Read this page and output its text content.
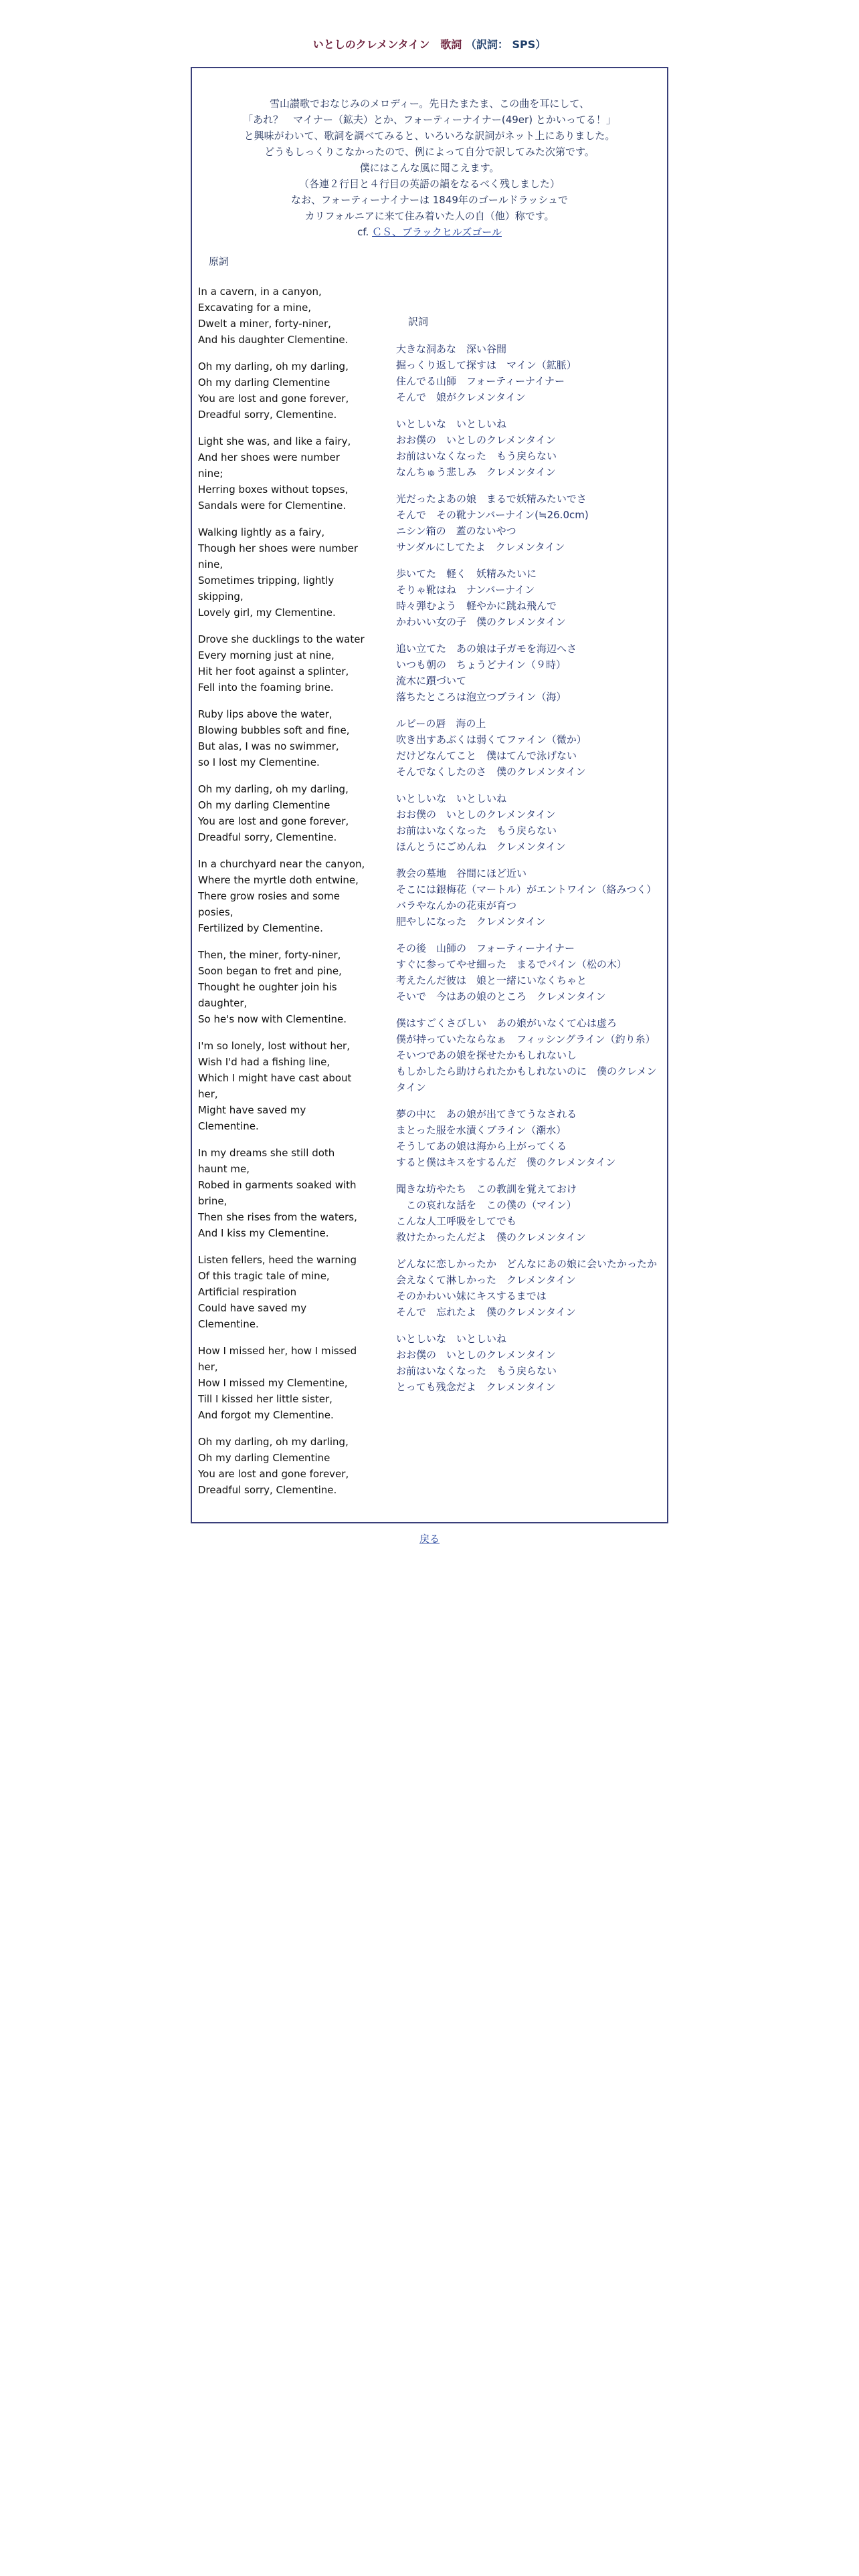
いとしのクレメンタイン　歌詞 （訳詞： SPS）
雪山讃歌でおなじみのメロディー。先日たまたま、この曲を耳にして、
「あれ？　マイナー（鉱夫）とか、フォーティーナイナー(49er) とかいってる！」
と興味がわいて、歌詞を調べてみると、いろいろな訳詞がネット上にありました。
どうもしっくりこなかったので、例によって自分で訳してみた次第です。
僕にはこんな風に聞こえます。
（各連２行目と４行目の英語の韻をなるべく残しました）
なお、フォーティーナイナーは 1849年のゴールドラッシュで
カリフォルニアに来て住み着いた人の自（他）称です。
cf. ＣＳ、ブラックヒルズゴール
原詞
In a cavern, in a canyon,
Excavating for a mine,
Dwelt a miner, forty-niner,
And his daughter Clementine.
Oh my darling, oh my darling,
Oh my darling Clementine
You are lost and gone forever,
Dreadful sorry, Clementine.
Light she was, and like a fairy,
And her shoes were number
nine;
Herring boxes without topses,
Sandals were for Clementine.
Walking lightly as a fairy,
Though her shoes were number
nine,
Sometimes tripping, lightly
skipping,
Lovely girl, my Clementine.
Drove she ducklings to the water
Every morning just at nine,
Hit her foot against a splinter,
Fell into the foaming brine.
Ruby lips above the water,
Blowing bubbles soft and fine,
But alas, I was no swimmer,
so I lost my Clementine.
Oh my darling, oh my darling,
Oh my darling Clementine
You are lost and gone forever,
Dreadful sorry, Clementine.
In a churchyard near the canyon,
Where the myrtle doth entwine,
There grow rosies and some
posies,
Fertilized by Clementine.
Then, the miner, forty-niner,
Soon began to fret and pine,
Thought he oughter join his
daughter,
So he's now with Clementine.
I'm so lonely, lost without her,
Wish I'd had a fishing line,
Which I might have cast about
her,
Might have saved my
Clementine.
In my dreams she still doth
haunt me,
Robed in garments soaked with
brine,
Then she rises from the waters,
And I kiss my Clementine.
Listen fellers, heed the warning
Of this tragic tale of mine,
Artificial respiration
Could have saved my
Clementine.
How I missed her, how I missed
her,
How I missed my Clementine,
Till I kissed her little sister,
And forgot my Clementine.
Oh my darling, oh my darling,
Oh my darling Clementine
You are lost and gone forever,
Dreadful sorry, Clementine.
訳詞
大きな洞あな　深い谷間
掘っくり返して探すは　マイン（鉱脈）
住んでる山師　フォーティーナイナー
そんで　娘がクレメンタイン
いとしいな　いとしいね
おお僕の　いとしのクレメンタイン
お前はいなくなった　もう戻らない
なんちゅう悲しみ　クレメンタイン
光だったよあの娘　まるで妖精みたいでさ
そんで　その靴ナンバーナイン(≒26.0cm)
ニシン箱の　蓋のないやつ
サンダルにしてたよ　クレメンタイン
歩いてた　軽く　妖精みたいに
そりゃ靴はね　ナンバーナイン
時々弾むよう　軽やかに跳ね飛んで
かわいい女の子　僕のクレメンタイン
追い立てた　あの娘は子ガモを海辺へさ
いつも朝の　ちょうどナイン（９時）
流木に躓づいて
落ちたところは泡立つブライン（海）
ルビーの唇　海の上
吹き出すあぶくは弱くてファイン（微か）
だけどなんてこと　僕はてんで泳げない
そんでなくしたのさ　僕のクレメンタイン
いとしいな　いとしいね
おお僕の　いとしのクレメンタイン
お前はいなくなった　もう戻らない
ほんとうにごめんね　クレメンタイン
教会の墓地　谷間にほど近い
そこには銀梅花（マートル）がエントワイン（絡みつく）
バラやなんかの花束が育つ
肥やしになった　クレメンタイン
その後　山師の　フォーティーナイナー
すぐに参ってやせ細った　まるでパイン（松の木）
考えたんだ彼は　娘と一緒にいなくちゃと
そいで　今はあの娘のところ　クレメンタイン
僕はすごくさびしい　あの娘がいなくて心は虚ろ
僕が持っていたならなぁ　フィッシングライン（釣り糸）
そいつであの娘を探せたかもしれないし
もしかしたら助けられたかもしれないのに　僕のクレメンタイン
夢の中に　あの娘が出てきてうなされる
まとった服を水漬くブライン（潮水）
そうしてあの娘は海から上がってくる
すると僕はキスをするんだ　僕のクレメンタイン
聞きな坊やたち　この教訓を覚えておけ
　この哀れな話を　この僕の（マイン）
こんな人工呼吸をしてでも
救けたかったんだよ　僕のクレメンタイン
どんなに恋しかったか　どんなにあの娘に会いたかったか
会えなくて淋しかった　クレメンタイン
そのかわいい妹にキスするまでは
そんで　忘れたよ　僕のクレメンタイン
いとしいな　いとしいね
おお僕の　いとしのクレメンタイン
お前はいなくなった　もう戻らない
とっても残念だよ　クレメンタイン
戻る
